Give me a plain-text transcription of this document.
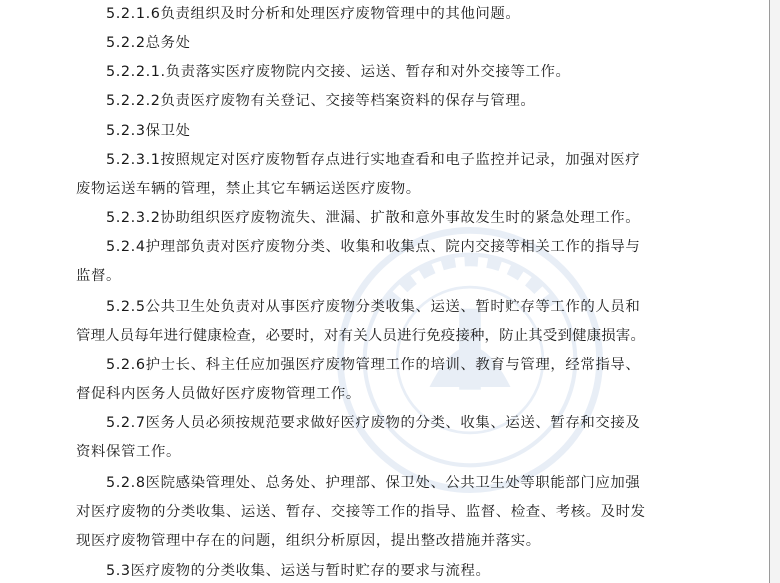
5.2.1.6负责组织及时分析和处理医疗废物管理中的其他问题。
5.2.2总务处
5.2.2.1.负责落实医疗废物院内交接、运送、暂存和对外交接等工作。
5.2.2.2负责医疗废物有关登记、交接等档案资料的保存与管理。
5.2.3保卫处
5.2.3.1按照规定对医疗废物暂存点进行实地查看和电子监控并记录，加强对医疗
废物运送车辆的管理，禁止其它车辆运送医疗废物。
5.2.3.2协助组织医疗废物流失、泄漏、扩散和意外事故发生时的紧急处理工作。
5.2.4护理部负责对医疗废物分类、收集和收集点、院内交接等相关工作的指导与
监督。
5.2.5公共卫生处负责对从事医疗废物分类收集、运送、暂时贮存等工作的人员和
管理人员每年进行健康检查，必要时，对有关人员进行免疫接种，防止其受到健康损害。
5.2.6护士长、科主任应加强医疗废物管理工作的培训、教育与管理，经常指导、
督促科内医务人员做好医疗废物管理工作。
5.2.7医务人员必须按规范要求做好医疗废物的分类、收集、运送、暂存和交接及
资料保管工作。
5.2.8医院感染管理处、总务处、护理部、保卫处、公共卫生处等职能部门应加强
对医疗废物的分类收集、运送、暂存、交接等工作的指导、监督、检查、考核。及时发
现医疗废物管理中存在的问题，组织分析原因，提出整改措施并落实。
5.3医疗废物的分类收集、运送与暂时贮存的要求与流程。
